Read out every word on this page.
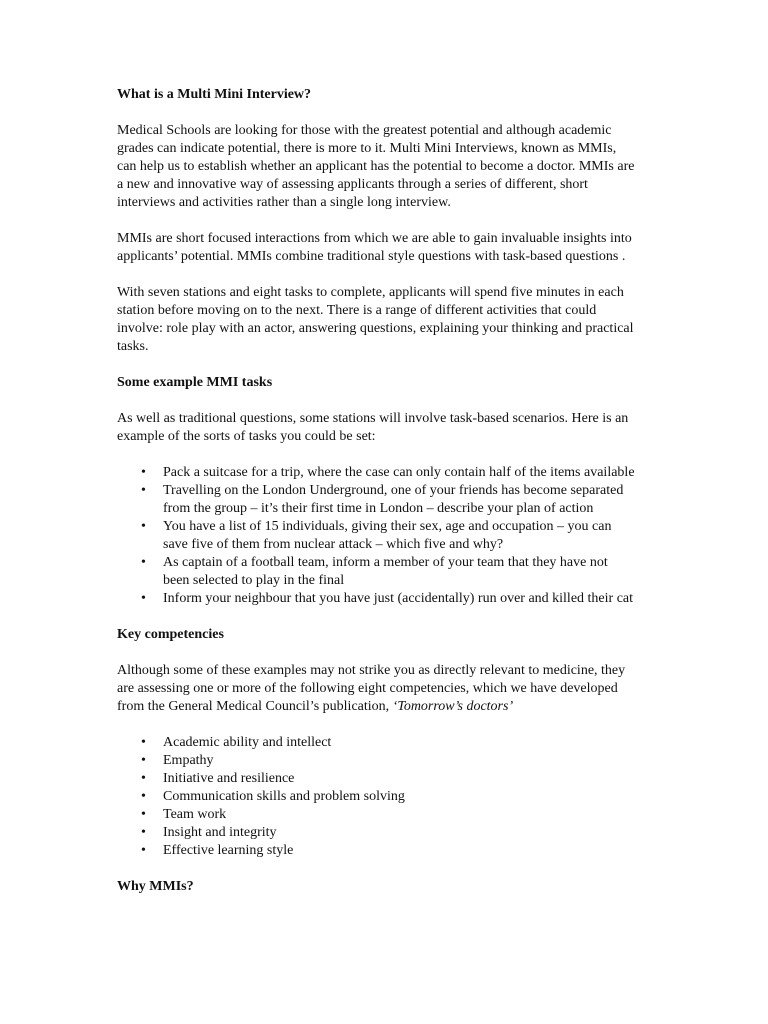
What is a Multi Mini Interview?

Medical Schools are looking for those with the greatest potential and although academic grades can indicate potential, there is more to it. Multi Mini Interviews, known as MMIs, can help us to establish whether an applicant has the potential to become a doctor. MMIs are a new and innovative way of assessing applicants through a series of different, short interviews and activities rather than a single long interview.

MMIs are short focused interactions from which we are able to gain invaluable insights into applicants’ potential. MMIs combine traditional style questions with task-based questions .

With seven stations and eight tasks to complete, applicants will spend five minutes in each station before moving on to the next. There is a range of different activities that could involve: role play with an actor, answering questions, explaining your thinking and practical tasks.

Some example MMI tasks

As well as traditional questions, some stations will involve task-based scenarios. Here is an example of the sorts of tasks you could be set:

• Pack a suitcase for a trip, where the case can only contain half of the items available
• Travelling on the London Underground, one of your friends has become separated from the group – it’s their first time in London – describe your plan of action
• You have a list of 15 individuals, giving their sex, age and occupation – you can save five of them from nuclear attack – which five and why?
• As captain of a football team, inform a member of your team that they have not been selected to play in the final
• Inform your neighbour that you have just (accidentally) run over and killed their cat
Key competencies

Although some of these examples may not strike you as directly relevant to medicine, they are assessing one or more of the following eight competencies, which we have developed from the General Medical Council’s publication, ‘Tomorrow’s doctors’

• Academic ability and intellect
• Empathy
• Initiative and resilience
• Communication skills and problem solving
• Team work
• Insight and integrity
• Effective learning style
Why MMIs?
